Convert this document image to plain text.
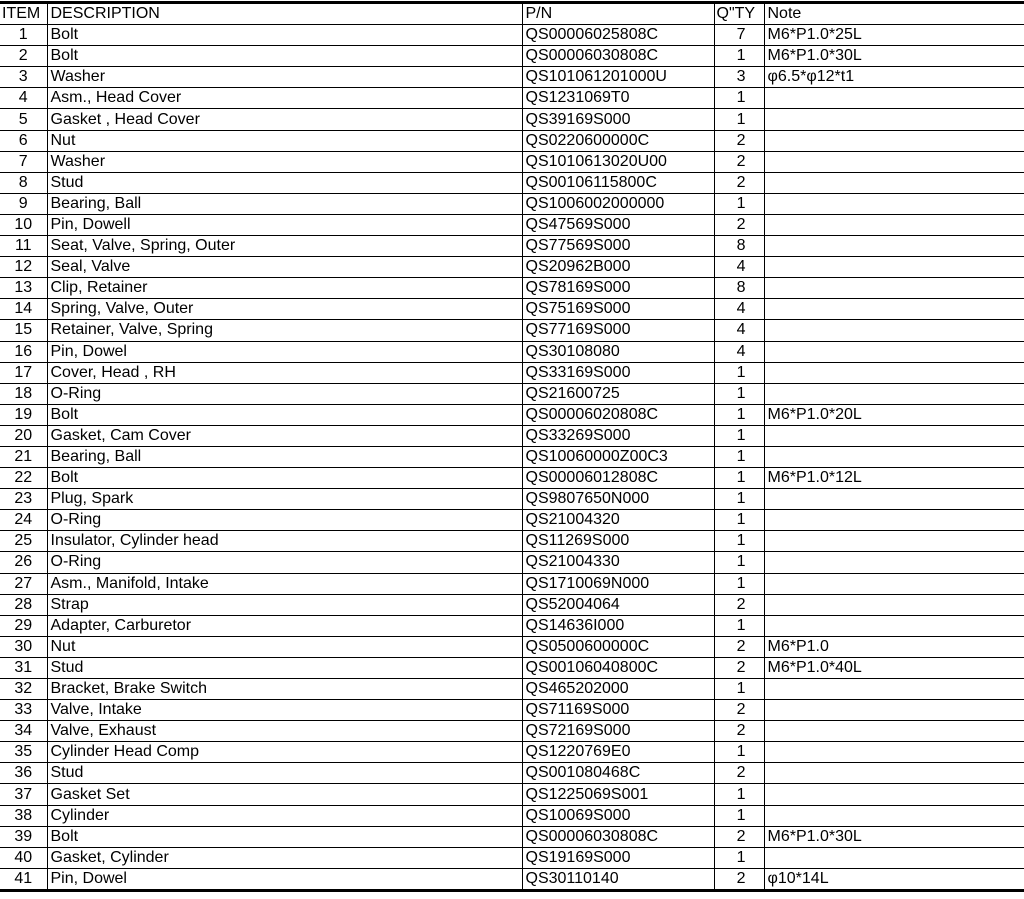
ITEM	DESCRIPTION	P/N	Q"TY	Note
1	Bolt	QS00006025808C	7	M6*P1.0*25L
2	Bolt	QS00006030808C	1	M6*P1.0*30L
3	Washer	QS101061201000U	3	φ6.5*φ12*t1
4	Asm., Head Cover	QS1231069T0	1	
5	Gasket , Head Cover	QS39169S000	1	
6	Nut	QS0220600000C	2	
7	Washer	QS1010613020U00	2	
8	Stud	QS00106115800C	2	
9	Bearing, Ball	QS1006002000000	1	
10	Pin, Dowell	QS47569S000	2	
11	Seat, Valve, Spring, Outer	QS77569S000	8	
12	Seal, Valve	QS20962B000	4	
13	Clip, Retainer	QS78169S000	8	
14	Spring, Valve, Outer	QS75169S000	4	
15	Retainer, Valve, Spring	QS77169S000	4	
16	Pin, Dowel	QS30108080	4	
17	Cover, Head , RH	QS33169S000	1	
18	O-Ring	QS21600725	1	
19	Bolt	QS00006020808C	1	M6*P1.0*20L
20	Gasket, Cam Cover	QS33269S000	1	
21	Bearing, Ball	QS10060000Z00C3	1	
22	Bolt	QS00006012808C	1	M6*P1.0*12L
23	Plug, Spark	QS9807650N000	1	
24	O-Ring	QS21004320	1	
25	Insulator, Cylinder head	QS11269S000	1	
26	O-Ring	QS21004330	1	
27	Asm., Manifold, Intake	QS1710069N000	1	
28	Strap	QS52004064	2	
29	Adapter, Carburetor	QS14636I000	1	
30	Nut	QS0500600000C	2	M6*P1.0
31	Stud	QS00106040800C	2	M6*P1.0*40L
32	Bracket, Brake Switch	QS465202000	1	
33	Valve, Intake	QS71169S000	2	
34	Valve, Exhaust	QS72169S000	2	
35	Cylinder Head Comp	QS1220769E0	1	
36	Stud	QS001080468C	2	
37	Gasket Set	QS1225069S001	1	
38	Cylinder	QS10069S000	1	
39	Bolt	QS00006030808C	2	M6*P1.0*30L
40	Gasket, Cylinder	QS19169S000	1	
41	Pin, Dowel	QS30110140	2	φ10*14L
